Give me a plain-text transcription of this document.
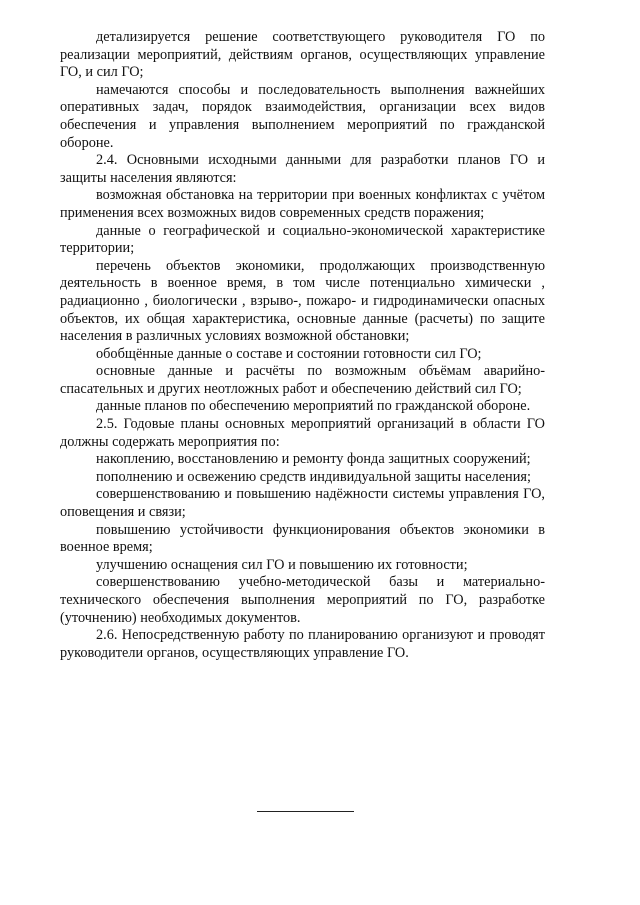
детализируется решение соответствующего руководителя ГО по реализации мероприятий, действиям органов, осуществляющих управление ГО, и сил ГО;

намечаются способы и последовательность выполнения важнейших оперативных задач, порядок взаимодействия, организации всех видов обеспечения и управления выполнением мероприятий по гражданской обороне.

2.4. Основными исходными данными для разработки планов ГО и защиты населения являются:

возможная обстановка на территории при военных конфликтах с учётом применения всех возможных видов современных средств поражения;

данные о географической и социально-экономической характеристике территории;

перечень объектов экономики, продолжающих производственную деятельность в военное время, в том числе потенциально химически , радиационно , биологически , взрыво-, пожаро- и гидродинамически опасных объектов, их общая характеристика, основные данные (расчеты) по защите населения в различных условиях возможной обстановки;

обобщённые данные о составе и состоянии готовности сил ГО;

основные данные и расчёты по возможным объёмам аварийно-спасательных и других неотложных работ и обеспечению действий сил ГО;

данные планов по обеспечению мероприятий по гражданской обороне.

2.5. Годовые планы основных мероприятий организаций в области ГО должны содержать мероприятия по:

накоплению, восстановлению и ремонту фонда защитных сооружений;

пополнению и освежению средств индивидуальной защиты населения;

совершенствованию и повышению надёжности системы управления ГО, оповещения и связи;

повышению устойчивости функционирования объектов экономики в военное время;

улучшению оснащения сил ГО и повышению их готовности;

совершенствованию учебно-методической базы и материально-технического обеспечения выполнения мероприятий по ГО, разработке (уточнению) необходимых документов.

2.6. Непосредственную работу по планированию организуют и проводят руководители органов, осуществляющих управление ГО.
